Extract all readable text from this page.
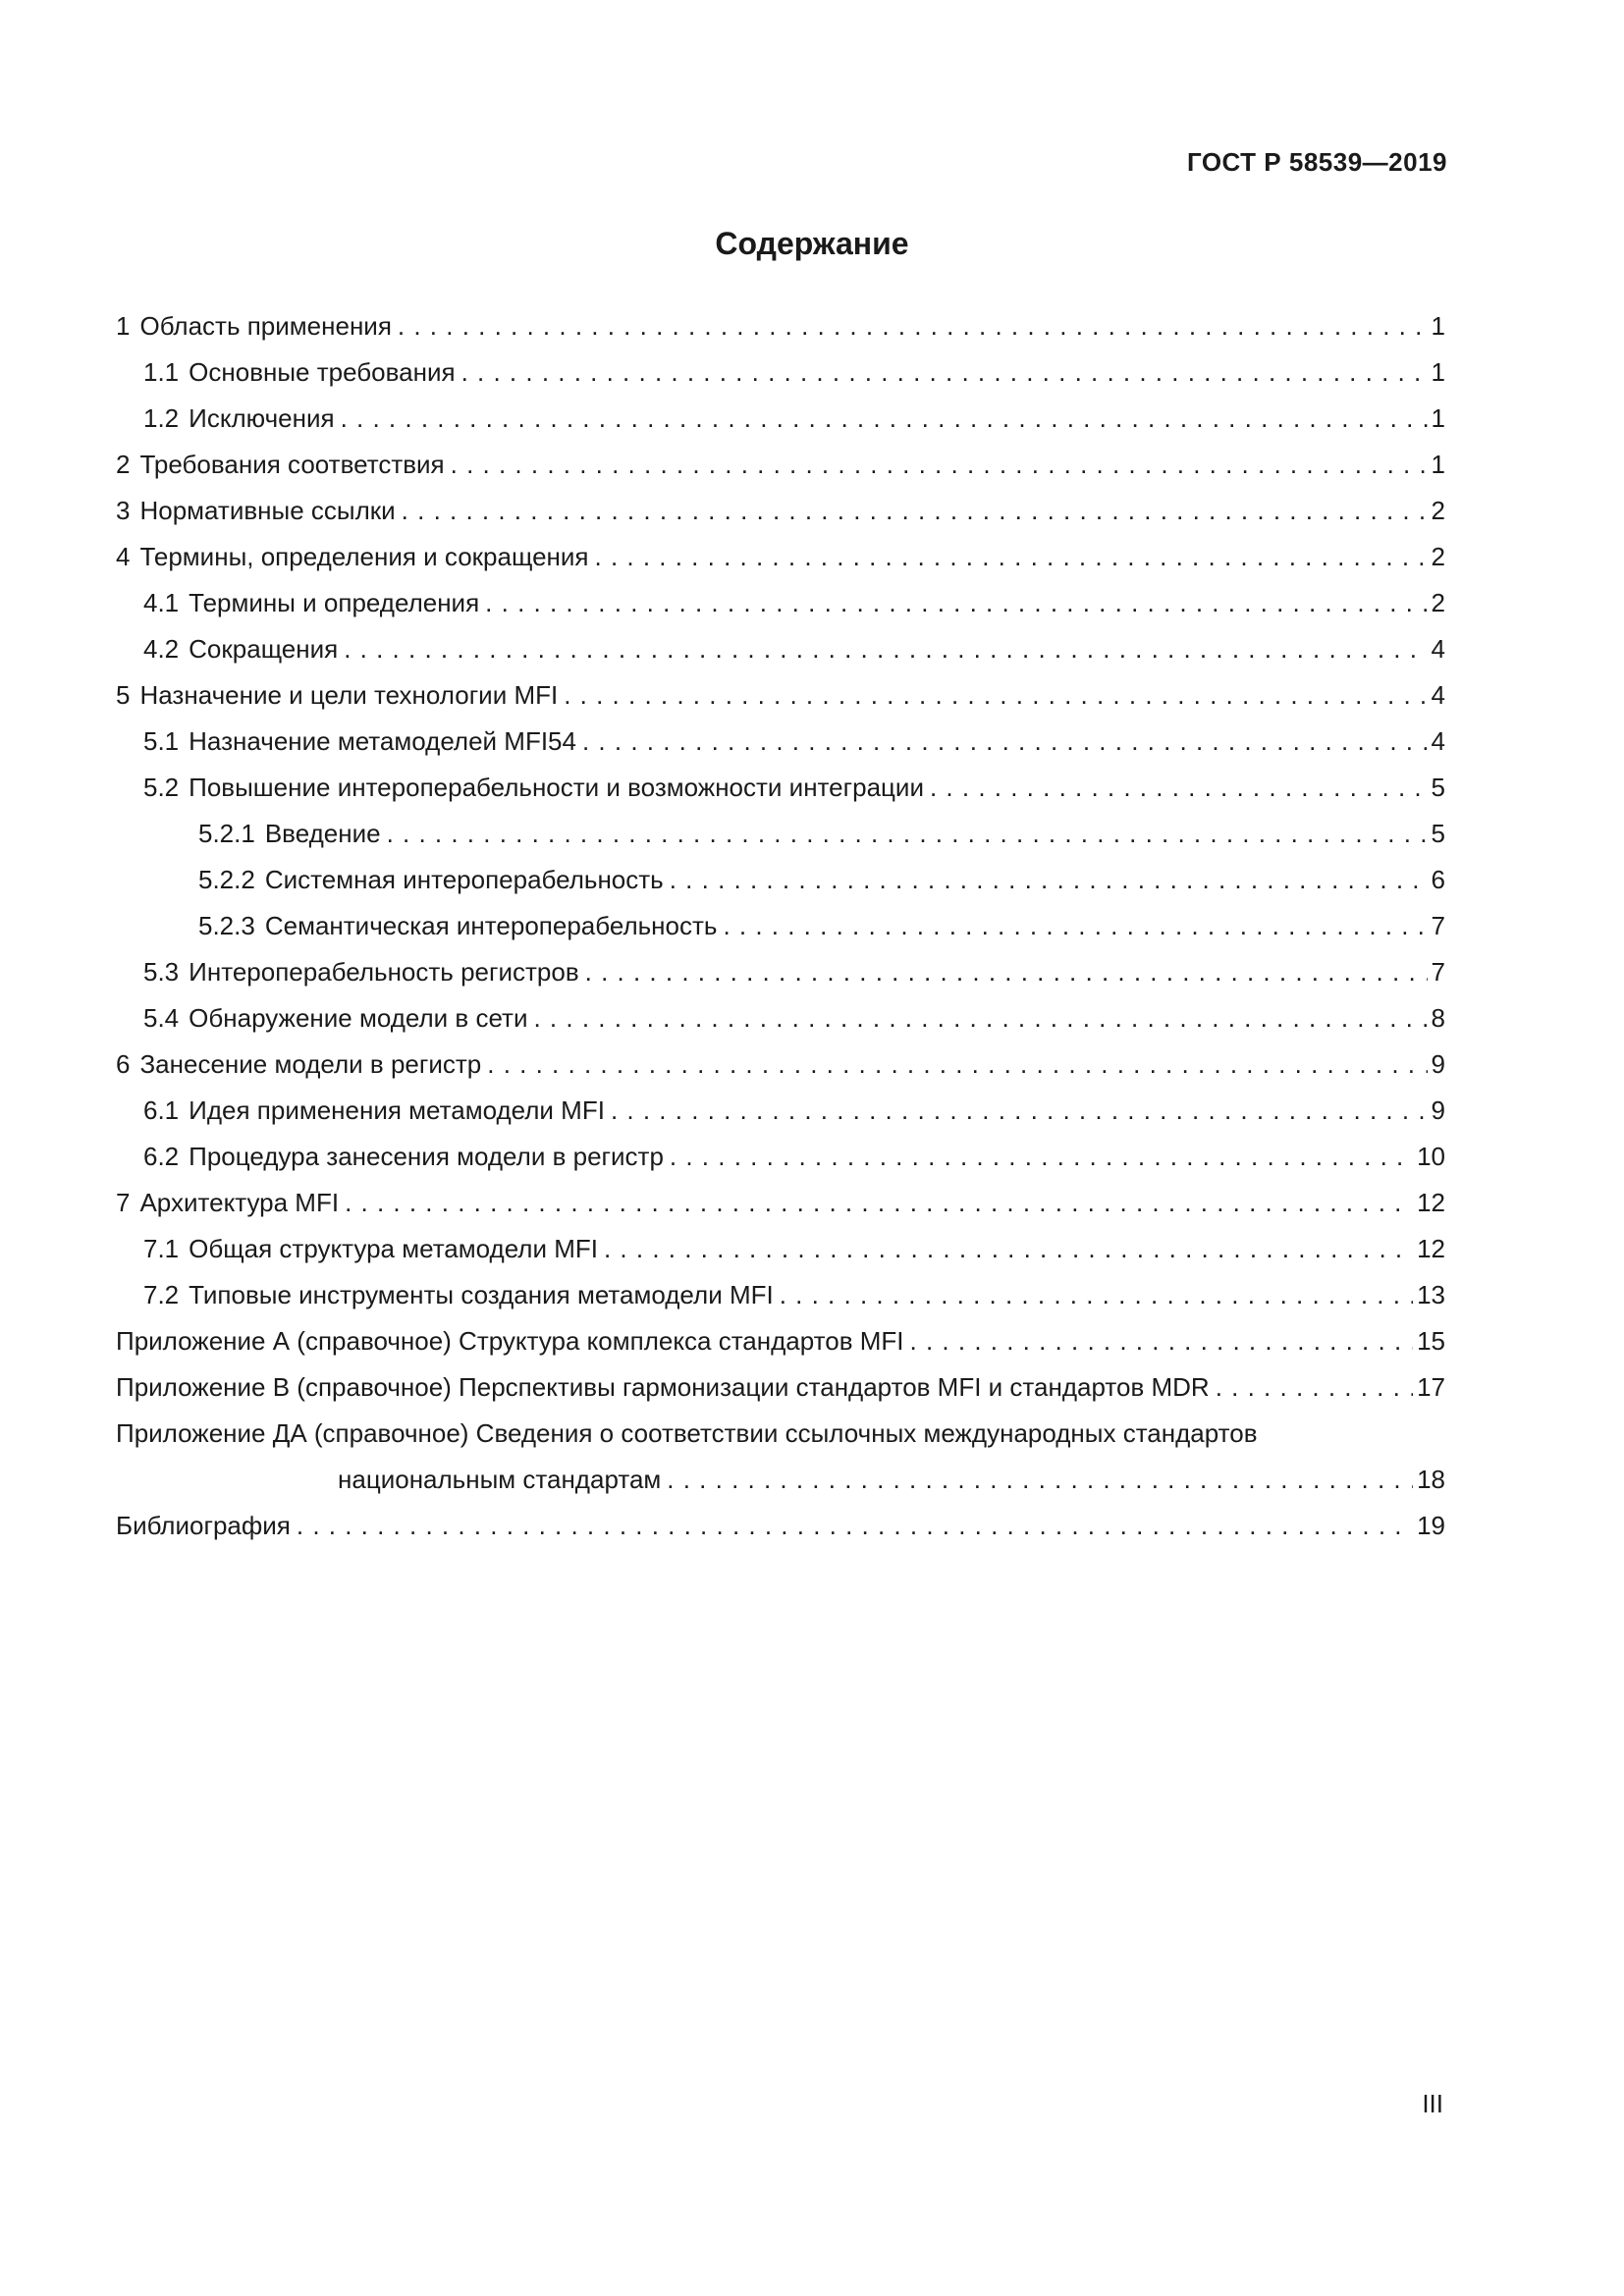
ГОСТ Р 58539—2019
Содержание
1 Область применения . . .	1
1.1 Основные требования . . .	1
1.2 Исключения . . .	1
2 Требования соответствия . . .	1
3 Нормативные ссылки . . .	2
4 Термины, определения и сокращения . . .	2
4.1 Термины и определения . . .	2
4.2 Сокращения . . .	4
5 Назначение и цели технологии MFI . . .	4
5.1 Назначение метамоделей MFI54 . . .	4
5.2 Повышение интероперабельности и возможности интеграции . . .	5
5.2.1 Введение . . .	5
5.2.2 Системная интероперабельность . . .	6
5.2.3 Семантическая интероперабельность . . .	7
5.3 Интероперабельность регистров . . .	7
5.4 Обнаружение модели в сети . . .	8
6 Занесение модели в регистр . . .	9
6.1 Идея применения метамодели MFI . . .	9
6.2 Процедура занесения модели в регистр . . .	10
7 Архитектура MFI . . .	12
7.1 Общая структура метамодели MFI . . .	12
7.2 Типовые инструменты создания метамодели MFI . . .	13
Приложение А (справочное) Структура комплекса стандартов MFI . . .	15
Приложение В (справочное) Перспективы гармонизации стандартов MFI и стандартов MDR . . .	17
Приложение ДА (справочное) Сведения о соответствии ссылочных международных стандартов
национальным стандартам . . .	18
Библиография . . .	19
III
